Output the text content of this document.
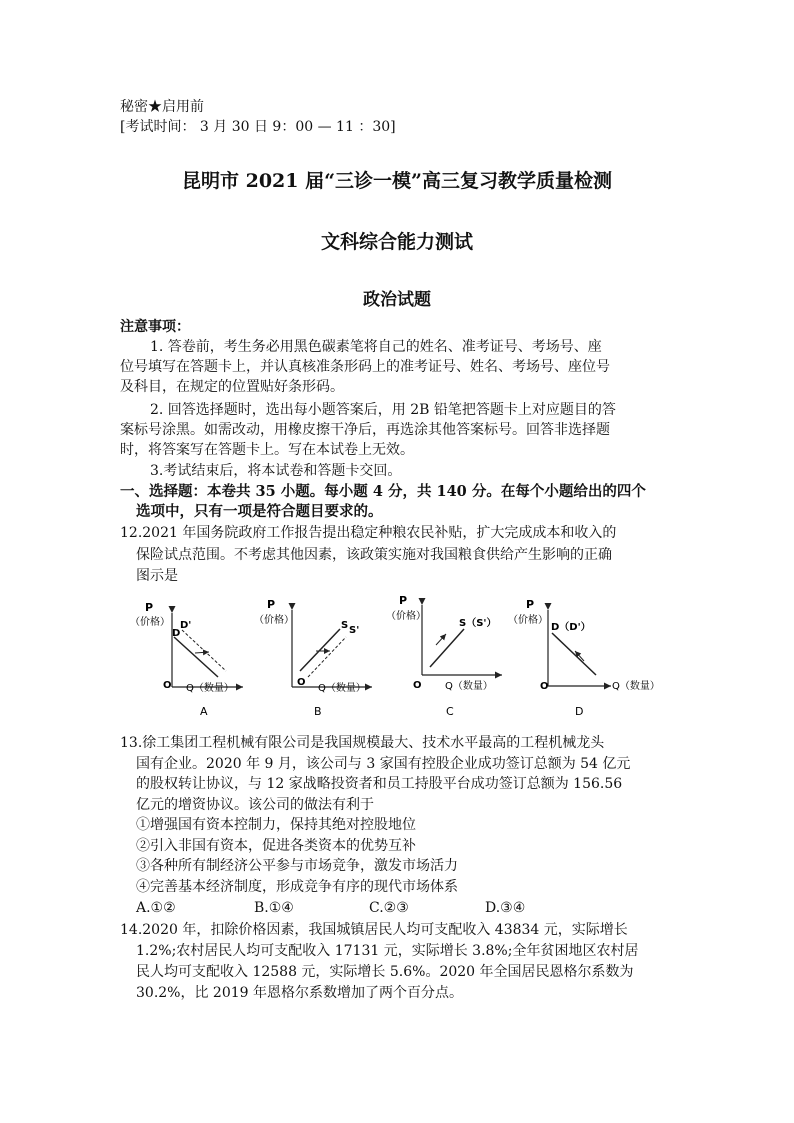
秘密★启用前
[考试时间： 3 月 30 日 9：00 — 11 ：30]
昆明市 2021 届“三诊一模”高三复习教学质量检测
文科综合能力测试
政治试题
注意事项：
1. 答卷前，考生务必用黑色碳素笔将自己的姓名、准考证号、考场号、座
位号填写在答题卡上，并认真核准条形码上的准考证号、姓名、考场号、座位号
及科目，在规定的位置贴好条形码。
2. 回答选择题时，选出每小题答案后，用 2B 铅笔把答题卡上对应题目的答
案标号涂黑。如需改动，用橡皮擦干净后，再选涂其他答案标号。回答非选择题
时，将答案写在答题卡上。写在本试卷上无效。
3.考试结束后，将本试卷和答题卡交回。
一、选择题：本卷共 35 小题。每小题 4 分，共 140 分。在每个小题给出的四个
选项中，只有一项是符合题目要求的。
12.2021 年国务院政府工作报告提出稳定种粮农民补贴，扩大完成成本和收入的
保险试点范围。不考虑其他因素，该政策实施对我国粮食供给产生影响的正确
图示是
P
（价格）
O Q（数量）
D'
D
A
P
（价格）
O
Q（数量）
S S'
B
P
（价格）
O Q（数量）
S（S'）
C
P
（价格）
O	Q（数量）
D（D'）
D
13.徐工集团工程机械有限公司是我国规模最大、技术水平最高的工程机械龙头
国有企业。2020 年 9 月，该公司与 3 家国有控股企业成功签订总额为 54 亿元
的股权转让协议，与 12 家战略投资者和员工持股平台成功签订总额为 156.56
亿元的增资协议。该公司的做法有利于
①增强国有资本控制力，保持其绝对控股地位
②引入非国有资本，促进各类资本的优势互补
③各种所有制经济公平参与市场竞争，激发市场活力
④完善基本经济制度，形成竞争有序的现代市场体系
A.①②	B.①④	C.②③	D.③④
14.2020 年，扣除价格因素，我国城镇居民人均可支配收入 43834 元，实际增长
1.2%;农村居民人均可支配收入 17131 元，实际增长 3.8%;全年贫困地区农村居
民人均可支配收入 12588 元，实际增长 5.6%。2020 年全国居民恩格尔系数为
30.2%，比 2019 年恩格尔系数增加了两个百分点。
